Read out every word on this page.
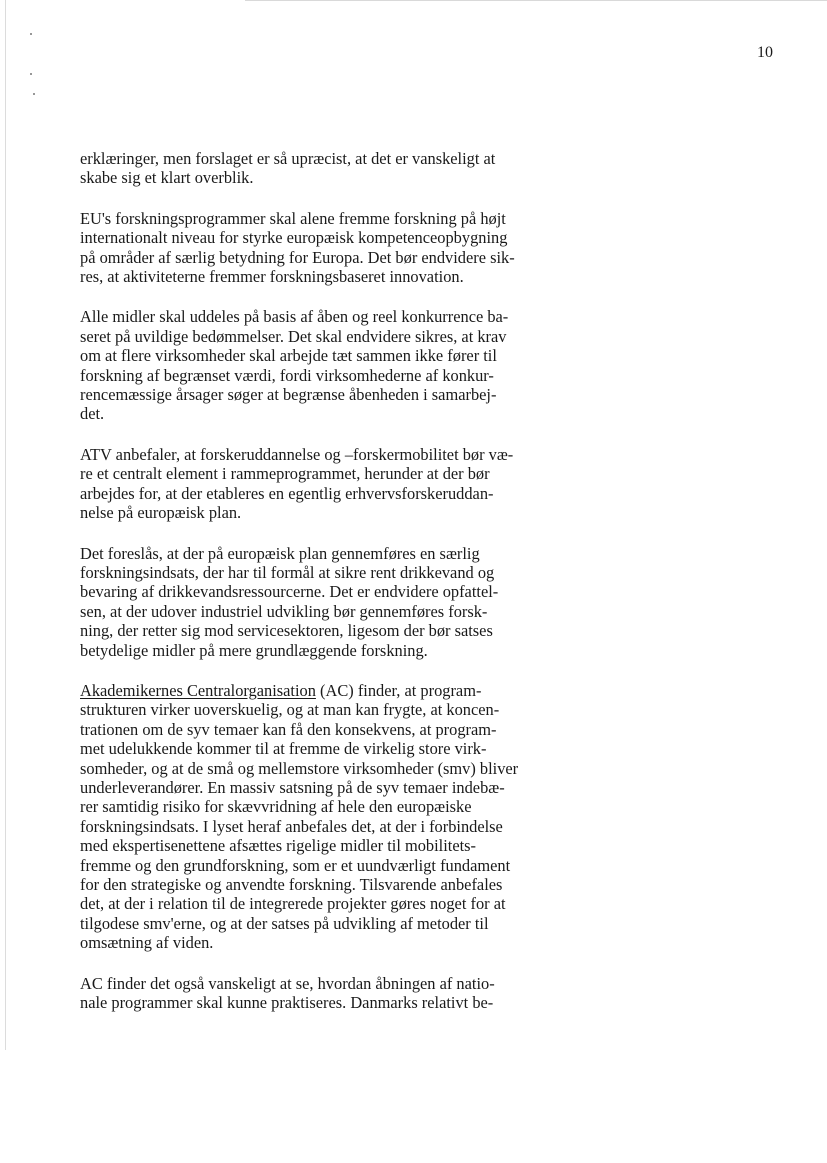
10

erklæringer, men forslaget er så upræcist, at det er vanskeligt at
skabe sig et klart overblik.

EU's forskningsprogrammer skal alene fremme forskning på højt
internationalt niveau for styrke europæisk kompetenceopbygning
på områder af særlig betydning for Europa. Det bør endvidere sik-
res, at aktiviteterne fremmer forskningsbaseret innovation.

Alle midler skal uddeles på basis af åben og reel konkurrence ba-
seret på uvildige bedømmelser. Det skal endvidere sikres, at krav
om at flere virksomheder skal arbejde tæt sammen ikke fører til
forskning af begrænset værdi, fordi virksomhederne af konkur-
rencemæssige årsager søger at begrænse åbenheden i samarbej-
det.

ATV anbefaler, at forskeruddannelse og –forskermobilitet bør væ-
re et centralt element i rammeprogrammet, herunder at der bør
arbejdes for, at der etableres en egentlig erhvervsforskeruddan-
nelse på europæisk plan.

Det foreslås, at der på europæisk plan gennemføres en særlig
forskningsindsats, der har til formål at sikre rent drikkevand og
bevaring af drikkevandsressourcerne. Det er endvidere opfattel-
sen, at der udover industriel udvikling bør gennemføres forsk-
ning, der retter sig mod servicesektoren, ligesom der bør satses
betydelige midler på mere grundlæggende forskning.

Akademikernes Centralorganisation (AC) finder, at program-
strukturen virker uoverskuelig, og at man kan frygte, at koncen-
trationen om de syv temaer kan få den konsekvens, at program-
met udelukkende kommer til at fremme de virkelig store virk-
somheder, og at de små og mellemstore virksomheder (smv) bliver
underleverandører. En massiv satsning på de syv temaer indebæ-
rer samtidig risiko for skævvridning af hele den europæiske
forskningsindsats. I lyset heraf anbefales det, at der i forbindelse
med ekspertisenettene afsættes rigelige midler til mobilitets-
fremme og den grundforskning, som er et uundværligt fundament
for den strategiske og anvendte forskning. Tilsvarende anbefales
det, at der i relation til de integrerede projekter gøres noget for at
tilgodese smv'erne, og at der satses på udvikling af metoder til
omsætning af viden.

AC finder det også vanskeligt at se, hvordan åbningen af natio-
nale programmer skal kunne praktiseres. Danmarks relativt be-
